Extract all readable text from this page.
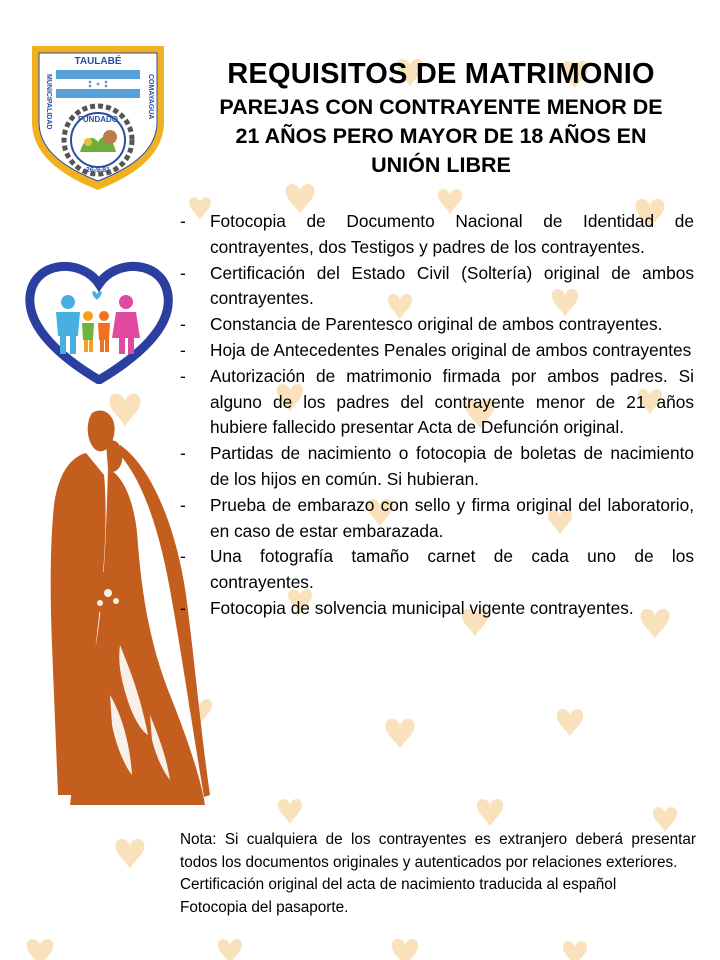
TAULABÉ
MUNICIPALIDAD	COMAYAGUA
FUNDADO
26-9-81
REQUISITOS DE MATRIMONIO
PAREJAS CON CONTRAYENTE MENOR DE
21 AÑOS PERO MAYOR DE 18 AÑOS EN
UNIÓN LIBRE
- Fotocopia de Documento Nacional de Identidad de contrayentes, dos Testigos y padres de los contrayentes.
- Certificación del Estado Civil (Soltería) original de ambos contrayentes.
- Constancia de Parentesco original de ambos contrayentes.
- Hoja de Antecedentes Penales original de ambos contrayentes
- Autorización de matrimonio firmada por ambos padres. Si alguno de los padres del contrayente menor de 21 años hubiere fallecido presentar Acta de Defunción original.
- Partidas de nacimiento o fotocopia de boletas de nacimiento de los hijos en común. Si hubieran.
- Prueba de embarazo con sello y firma original del laboratorio, en caso de estar embarazada.
- Una fotografía tamaño carnet de cada uno de los contrayentes.
- Fotocopia de solvencia municipal vigente contrayentes.

Nota: Si cualquiera de los contrayentes es extranjero deberá presentar todos los documentos originales y autenticados por relaciones exteriores.

Certificación original del acta de nacimiento traducida al español

Fotocopia del pasaporte.
